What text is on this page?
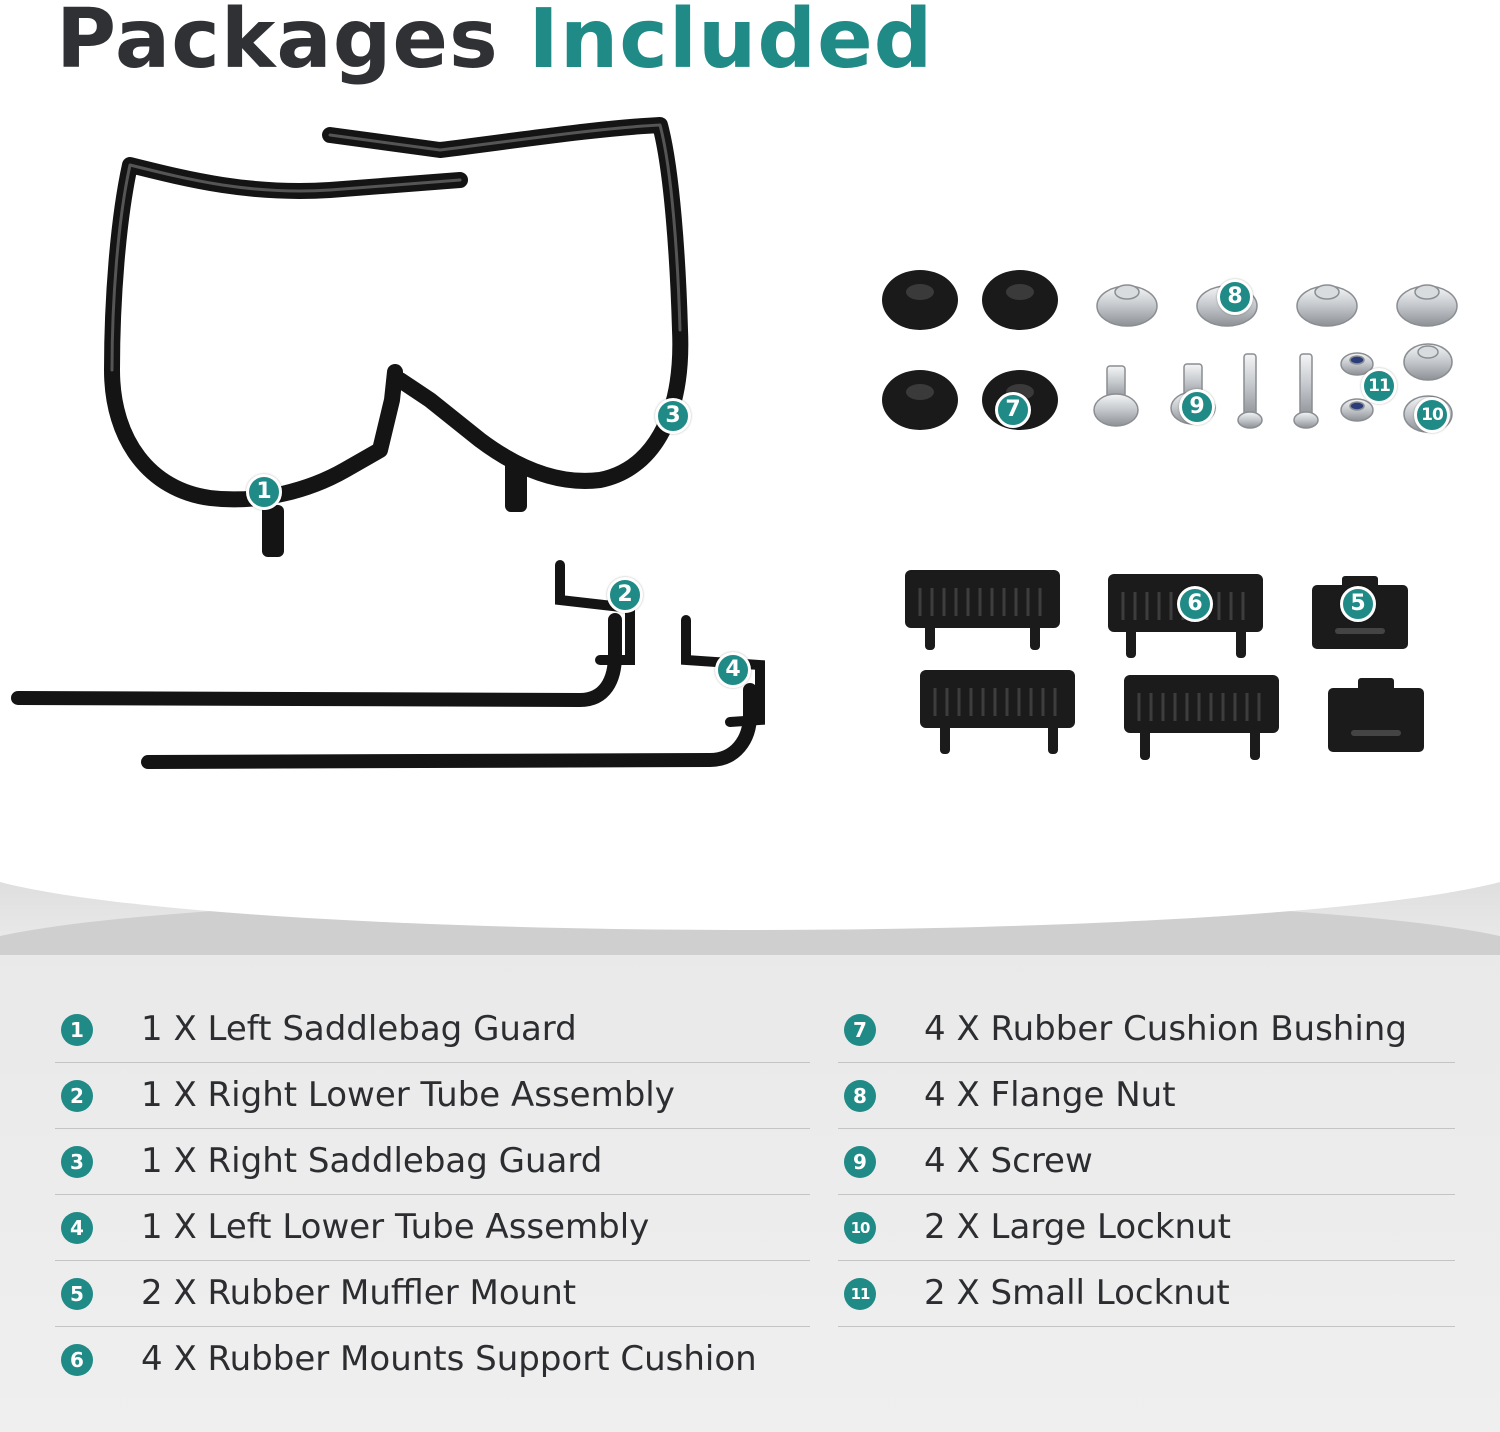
Packages Included
1
2
3
4
5
6
7
8
9	10
11
1 1 X Left Saddlebag Guard
2 1 X Right Lower Tube Assembly
3 1 X Right Saddlebag Guard
4 1 X Left Lower Tube Assembly
5 2 X Rubber Muffler Mount
6 4 X Rubber Mounts Support Cushion
7 4 X Rubber Cushion Bushing
8 4 X Flange Nut
9 4 X Screw
10 2 X Large Locknut
11 2 X Small Locknut
